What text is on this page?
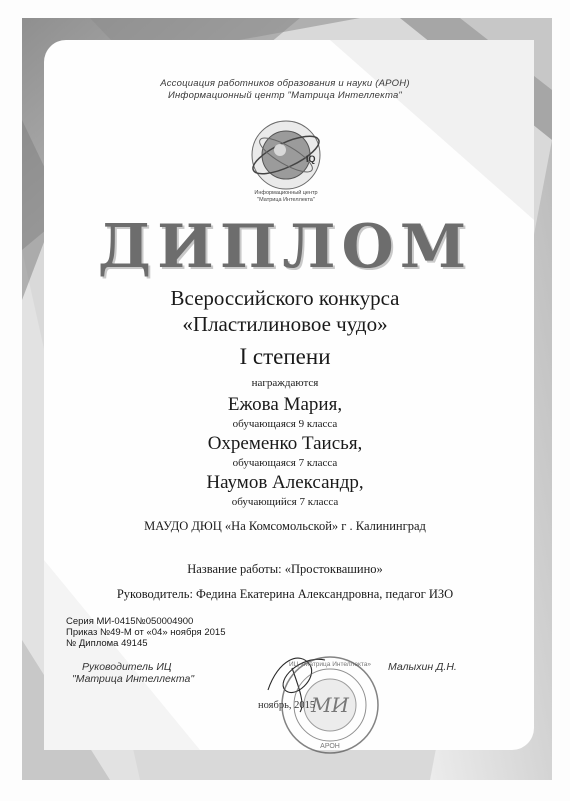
IQ
Информационный центр
"Матрица Интеллекта"
МИ
ИЦ «Матрица Интеллекта»
АРОН
Ассоциация работников образования и науки (АРОН)
Информационный центр "Матрица Интеллекта"
ДИПЛОМ
Всероссийского конкурса
«Пластилиновое чудо»
I степени
награждаются
Ежова Мария,
обучающаяся 9 класса
Охременко Таисья,
обучающаяся 7 класса
Наумов Александр,
обучающийся 7 класса
МАУДО ДЮЦ «На Комсомольской» г . Калининград
Название работы: «Простоквашино»
Руководитель: Федина Екатерина Александровна, педагог ИЗО
Серия МИ-0415№050004900
Приказ №49-М от «04» ноября 2015
№ Диплома 49145
Руководитель ИЦ
"Матрица Интеллекта"
Малыхин Д.Н.
ноябрь, 2015
